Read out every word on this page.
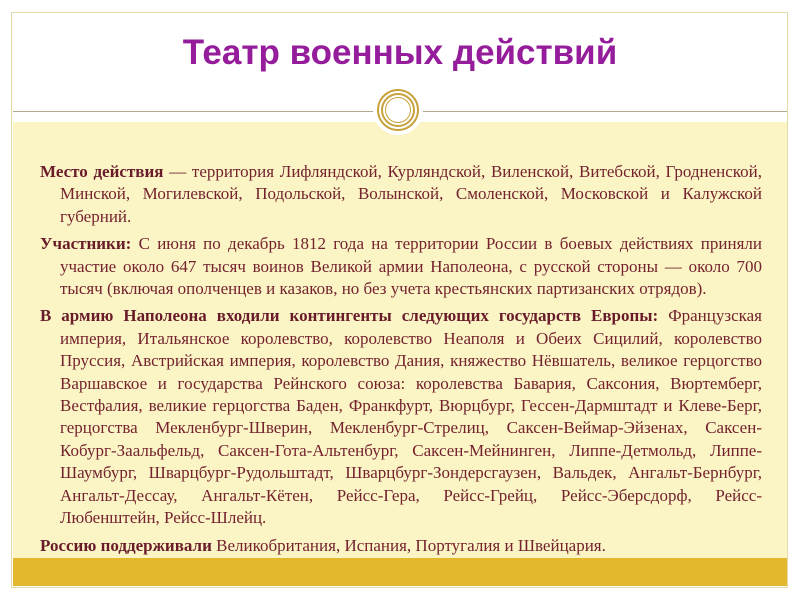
Театр военных действий

Место действия — территория Лифляндской, Курляндской, Виленской, Витебской, Гродненской, Минской, Могилевской, Подольской, Волынской, Смоленской, Московской и Калужской губерний.

Участники: С июня по декабрь 1812 года на территории России в боевых действиях приняли участие около 647 тысяч воинов Великой армии Наполеона, с русской стороны — около 700 тысяч (включая ополченцев и казаков, но без учета крестьянских партизанских отрядов).

В армию Наполеона входили контингенты следующих государств Европы: Французская империя, Итальянское королевство, королевство Неаполя и Обеих Сицилий, королевство Пруссия, Австрийская империя, королевство Дания, княжество Нёвшатель, великое герцогство Варшавское и государства Рейнского союза: королевства Бавария, Саксония, Вюртемберг, Вестфалия, великие герцогства Баден, Франкфурт, Вюрцбург, Гессен-Дармштадт и Клеве-Берг, герцогства Мекленбург-Шверин, Мекленбург-Стрелиц, Саксен-Веймар-Эйзенах, Саксен-Кобург-Заальфельд, Саксен-Гота-Альтенбург, Саксен-Мейнинген, Липпе-Детмольд, Липпе-Шаумбург, Шварцбург-Рудольштадт, Шварцбург-Зондерсгаузен, Вальдек, Ангальт-Бернбург, Ангальт-Дессау, Ангальт-Кётен, Рейсс-Гера, Рейсс-Грейц, Рейсс-Эберсдорф, Рейсс-Любенштейн, Рейсс-Шлейц.

Россию поддерживали Великобритания, Испания, Португалия и Швейцария.
